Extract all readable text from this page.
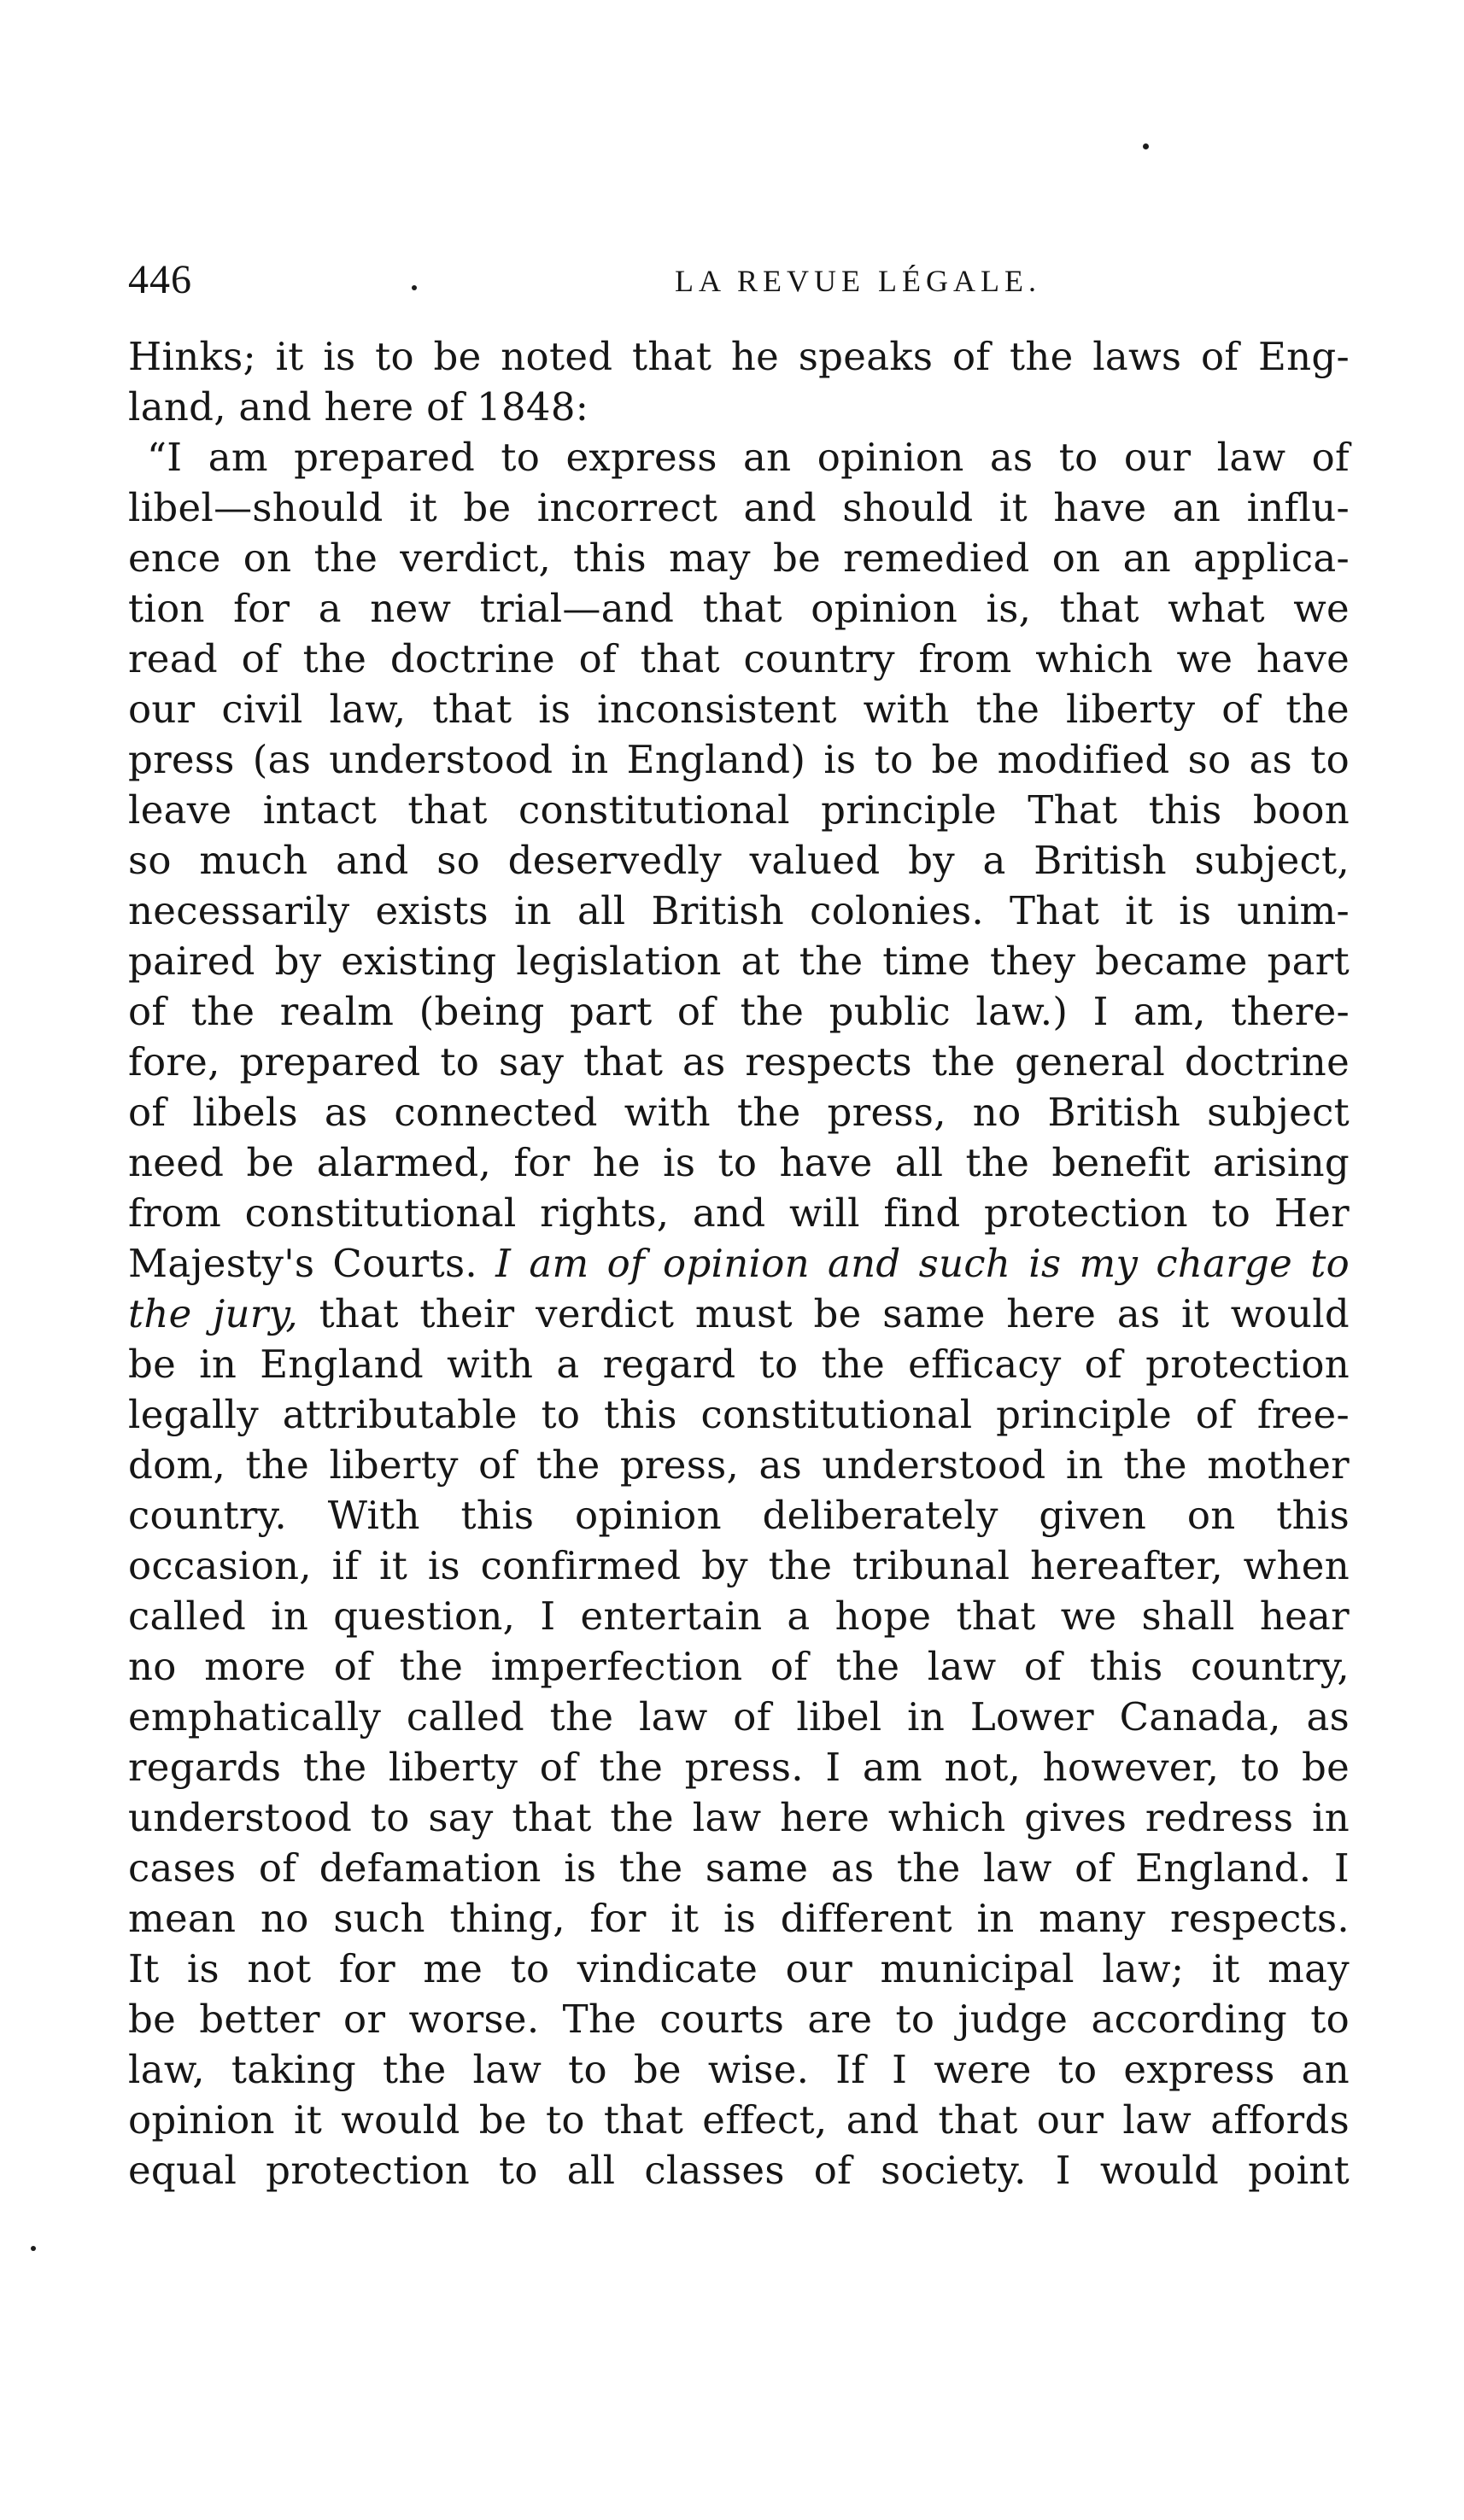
446	LA REVUE LÉGALE.
Hinks; it is to be noted that he speaks of the laws of Eng-
land, and here of 1848:
“I am prepared to express an opinion as to our law of
libel—should it be incorrect and should it have an influ-
ence on the verdict, this may be remedied on an applica-
tion for a new trial—and that opinion is, that what we
read of the doctrine of that country from which we have
our civil law, that is inconsistent with the liberty of the
press (as understood in England) is to be modified so as to
leave intact that constitutional principle That this boon
so much and so deservedly valued by a British subject,
necessarily exists in all British colonies. That it is unim-
paired by existing legislation at the time they became part
of the realm (being part of the public law.) I am, there-
fore, prepared to say that as respects the general doctrine
of libels as connected with the press, no British subject
need be alarmed, for he is to have all the benefit arising
from constitutional rights, and will find protection to Her
Majesty's Courts. I am of opinion and such is my charge to
the jury, that their verdict must be same here as it would
be in England with a regard to the efficacy of protection
legally attributable to this constitutional principle of free-
dom, the liberty of the press, as understood in the mother
country. With this opinion deliberately given on this
occasion, if it is confirmed by the tribunal hereafter, when
called in question, I entertain a hope that we shall hear
no more of the imperfection of the law of this country,
emphatically called the law of libel in Lower Canada, as
regards the liberty of the press. I am not, however, to be
understood to say that the law here which gives redress in
cases of defamation is the same as the law of England. I
mean no such thing, for it is different in many respects.
It is not for me to vindicate our municipal law; it may
be better or worse. The courts are to judge according to
law, taking the law to be wise. If I were to express an
opinion it would be to that effect, and that our law affords
equal protection to all classes of society. I would point
